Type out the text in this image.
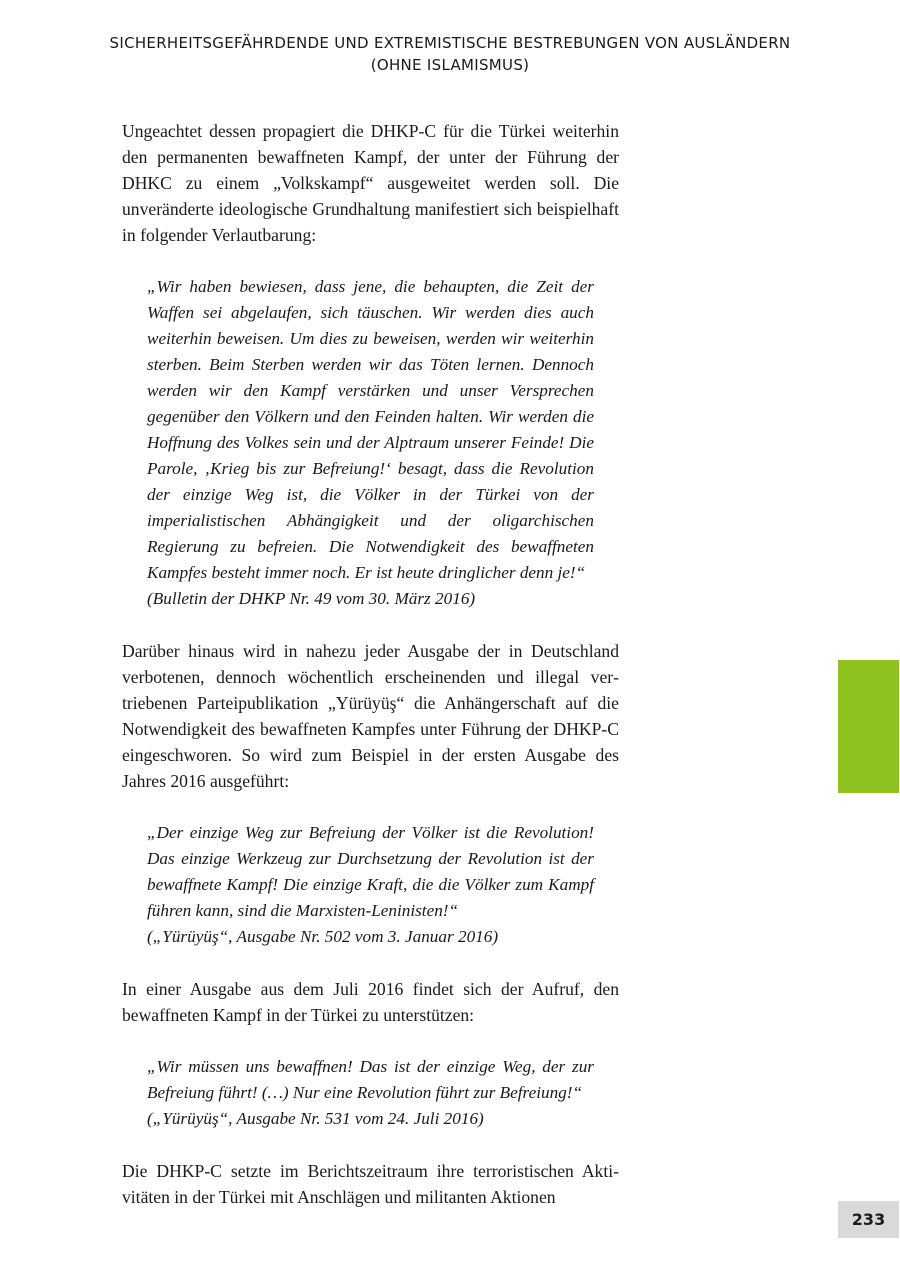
SICHERHEITSGEFÄHRDENDE UND EXTREMISTISCHE BESTREBUNGEN VON AUSLÄNDERN
(OHNE ISLAMISMUS)

Ungeachtet dessen propagiert die DHKP-C für die Türkei weiterhin den permanenten bewaffneten Kampf, der unter der Führung der DHKC zu einem „Volkskampf“ ausgeweitet werden soll. Die unveränderte ideologische Grundhaltung manifestiert sich beispielhaft in folgender Verlautbarung:

„Wir haben bewiesen, dass jene, die behaupten, die Zeit der Waffen sei abgelaufen, sich täuschen. Wir werden dies auch weiterhin beweisen. Um dies zu beweisen, werden wir weiterhin sterben. Beim Sterben werden wir das Töten lernen. Dennoch werden wir den Kampf verstärken und unser Versprechen gegenüber den Völkern und den Feinden halten. Wir werden die Hoffnung des Volkes sein und der Alptraum unserer Feinde! Die Parole, ‚Krieg bis zur Befreiung!‘ besagt, dass die Revolution der einzige Weg ist, die Völker in der Türkei von der imperialistischen Abhängigkeit und der oligarchischen Regierung zu befreien. Die Notwendigkeit des bewaffneten Kampfes besteht immer noch. Er ist heute dringlicher denn je!“
(Bulletin der DHKP Nr. 49 vom 30. März 2016)

Darüber hinaus wird in nahezu jeder Ausgabe der in Deutschland verbotenen, dennoch wöchentlich erscheinenden und illegal vertriebenen Parteipublikation „Yürüyüş“ die Anhängerschaft auf die Notwendigkeit des bewaffneten Kampfes unter Führung der DHKP-C eingeschworen. So wird zum Beispiel in der ersten Ausgabe des Jahres 2016 ausgeführt:

„Der einzige Weg zur Befreiung der Völker ist die Revolution! Das einzige Werkzeug zur Durchsetzung der Revolution ist der bewaffnete Kampf! Die einzige Kraft, die die Völker zum Kampf führen kann, sind die Marxisten-Leninisten!“
(„Yürüyüş“, Ausgabe Nr. 502 vom 3. Januar 2016)

In einer Ausgabe aus dem Juli 2016 findet sich der Aufruf, den bewaffneten Kampf in der Türkei zu unterstützen:

„Wir müssen uns bewaffnen! Das ist der einzige Weg, der zur Befreiung führt! (…) Nur eine Revolution führt zur Befreiung!“
(„Yürüyüş“, Ausgabe Nr. 531 vom 24. Juli 2016)

Die DHKP-C setzte im Berichtszeitraum ihre terroristischen Aktivitäten in der Türkei mit Anschlägen und militanten Aktionen

233
